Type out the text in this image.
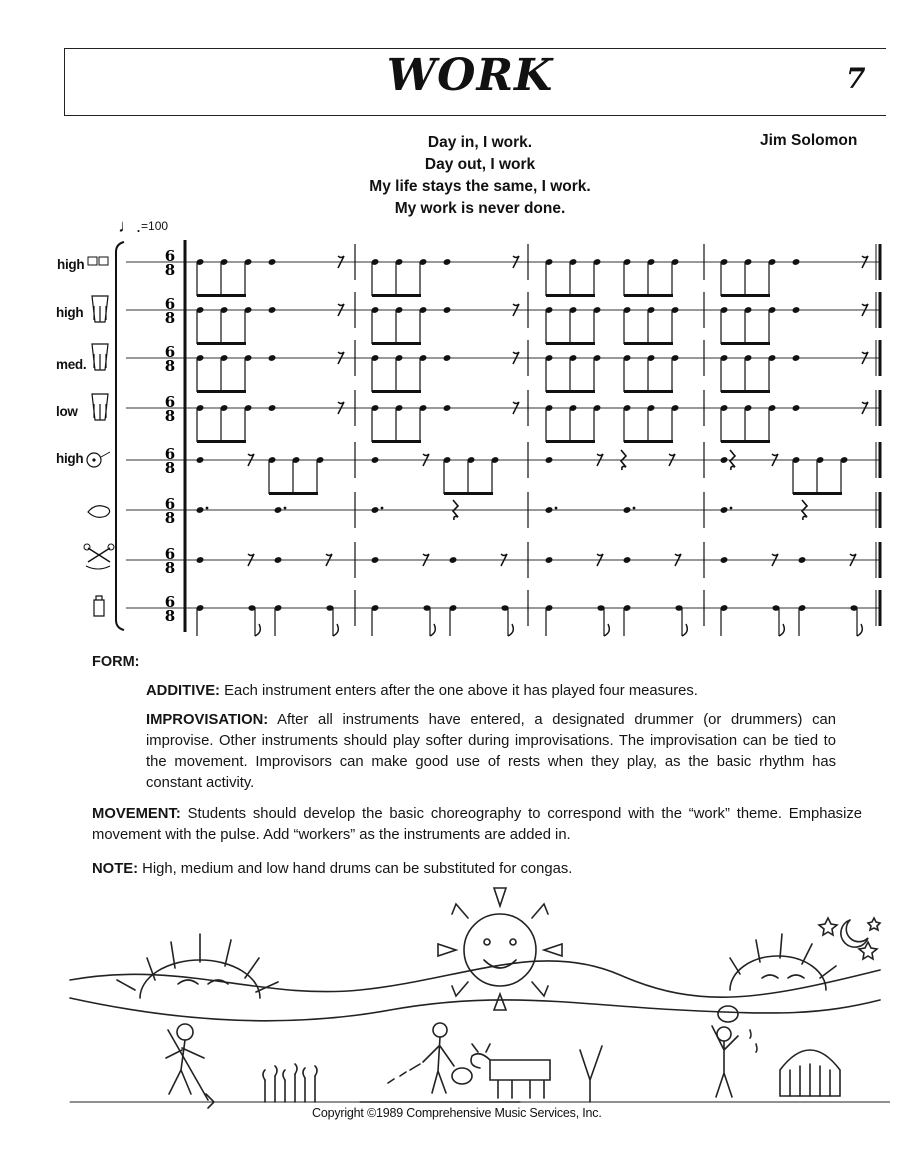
WORK	7
Day in, I work.
Day out, I work
My life stays the same, I work.
My work is never done.
Jim Solomon
♩.=100
high
high
med.
low
high
6
8
6
8
6
8
6
8
6
8
6
8
6
8
6
8
FORM:
ADDITIVE: Each instrument enters after the one above it has played four measures.
IMPROVISATION: After all instruments have entered, a designated drummer (or drummers) can improvise. Other instruments should play softer during improvisations. The improvisation can be tied to the movement. Improvisors can make good use of rests when they play, as the basic rhythm has constant activity.
MOVEMENT: Students should develop the basic choreography to correspond with the “work” theme. Emphasize movement with the pulse. Add “workers” as the instruments are added in.
NOTE: High, medium and low hand drums can be substituted for congas.
Copyright ©1989 Comprehensive Music Services, Inc.
